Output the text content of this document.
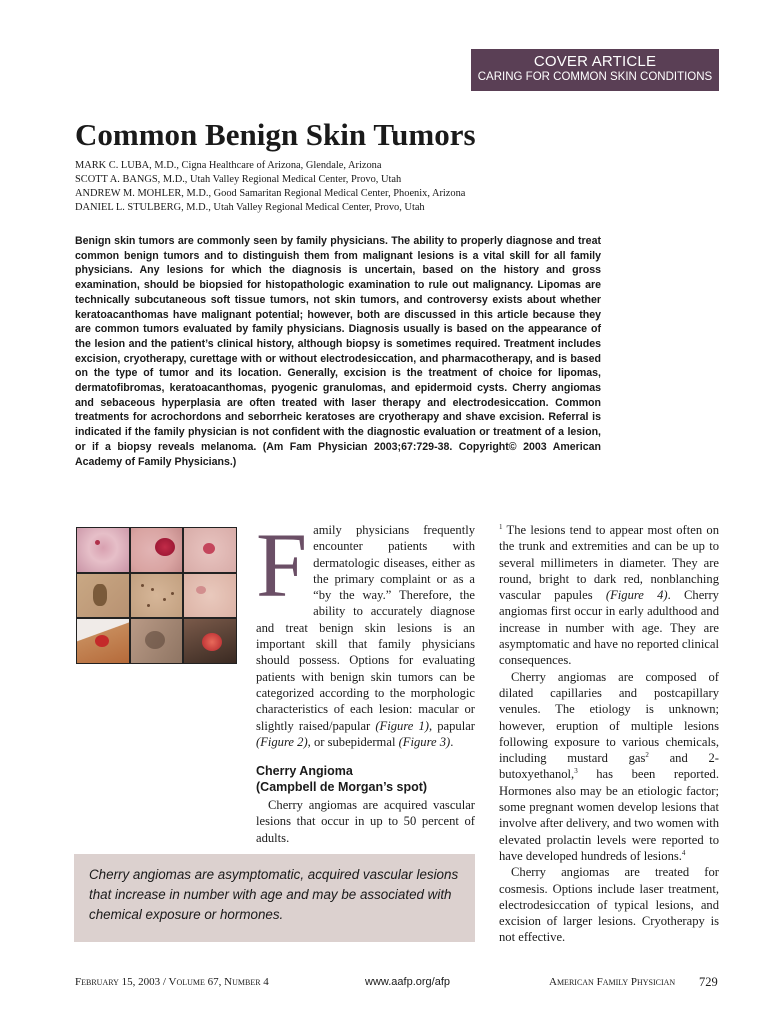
COVER ARTICLE
CARING FOR COMMON SKIN CONDITIONS
Common Benign Skin Tumors
MARK C. LUBA, M.D., Cigna Healthcare of Arizona, Glendale, Arizona
SCOTT A. BANGS, M.D., Utah Valley Regional Medical Center, Provo, Utah
ANDREW M. MOHLER, M.D., Good Samaritan Regional Medical Center, Phoenix, Arizona
DANIEL L. STULBERG, M.D., Utah Valley Regional Medical Center, Provo, Utah
Benign skin tumors are commonly seen by family physicians. The ability to properly diagnose and treat common benign tumors and to distinguish them from malignant lesions is a vital skill for all family physicians. Any lesions for which the diagnosis is uncertain, based on the history and gross examination, should be biopsied for histopathologic examination to rule out malignancy. Lipomas are technically subcutaneous soft tissue tumors, not skin tumors, and controversy exists about whether keratoacanthomas have malignant potential; however, both are discussed in this article because they are common tumors evaluated by family physicians. Diagnosis usually is based on the appearance of the lesion and the patient’s clinical history, although biopsy is sometimes required. Treatment includes excision, cryotherapy, curettage with or without electrodesiccation, and pharmacotherapy, and is based on the type of tumor and its location. Generally, excision is the treatment of choice for lipomas, dermatofibromas, keratoacanthomas, pyogenic granulomas, and epidermoid cysts. Cherry angiomas and sebaceous hyperplasia are often treated with laser therapy and electrodesiccation. Common treatments for acrochordons and seborrheic keratoses are cryotherapy and shave excision. Referral is indicated if the family physician is not confident with the diagnostic evaluation or treatment of a lesion, or if a biopsy reveals melanoma. (Am Fam Physician 2003;67:729-38. Copyright© 2003 American Academy of Family Physicians.)
F amily physicians frequently encounter patients with dermatologic diseases, either as the primary complaint or as a “by the way.” Therefore, the ability to accurately diagnose and treat benign skin lesions is an important skill that family physicians should possess. Options for evaluating patients with benign skin tumors can be categorized according to the morphologic characteristics of each lesion: macular or slightly raised/papular (Figure 1), papular (Figure 2), or subepidermal (Figure 3).

Cherry Angioma
(Campbell de Morgan’s spot)

Cherry angiomas are acquired vascular lesions that occur in up to 50 percent of adults.

$^1$ The lesions tend to appear most often on the trunk and extremities and can be up to several millimeters in diameter. They are round, bright to dark red, nonblanching vascular papules (Figure 4). Cherry angiomas first occur in early adulthood and increase in number with age. They are asymptomatic and have no reported clinical consequences.

Cherry angiomas are composed of dilated capillaries and postcapillary venules. The etiology is unknown; however, eruption of multiple lesions following exposure to various chemicals, including mustard gas$^2$ and 2-butoxyethanol,$^3$ has been reported. Hormones also may be an etiologic factor; some pregnant women develop lesions that involve after delivery, and two women with elevated prolactin levels were reported to have developed hundreds of lesions.$^4$

Cherry angiomas are treated for cosmesis. Options include laser treatment, electrodesiccation of typical lesions, and excision of larger lesions. Cryotherapy is not effective.

Cherry angiomas are asymptomatic, acquired vascular lesions that increase in number with age and may be associated with chemical exposure or hormones.
February 15, 2003 / Volume 67, Number 4	www.aafp.org/afp	American Family Physician 729
